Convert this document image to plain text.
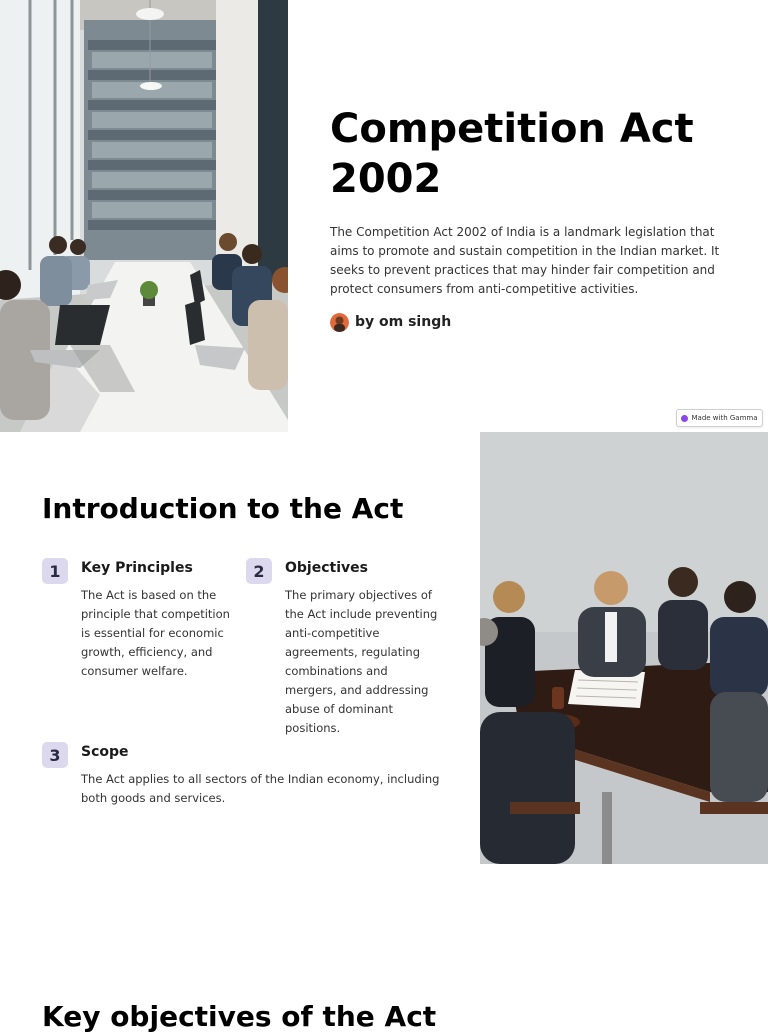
Competition Act 2002

The Competition Act 2002 of India is a landmark legislation that aims to promote and sustain competition in the Indian market. It seeks to prevent practices that may hinder fair competition and protect consumers from anti-competitive activities.

by om singh
Made with Gamma
Introduction to the Act
1	Key Principles

The Act is based on the principle that competition is essential for economic growth, efficiency, and consumer welfare.

2	Objectives

The primary objectives of the Act include preventing anti-competitive agreements, regulating combinations and mergers, and addressing abuse of dominant positions.

3	Scope

The Act applies to all sectors of the Indian economy, including both goods and services.

Key objectives of the Act
